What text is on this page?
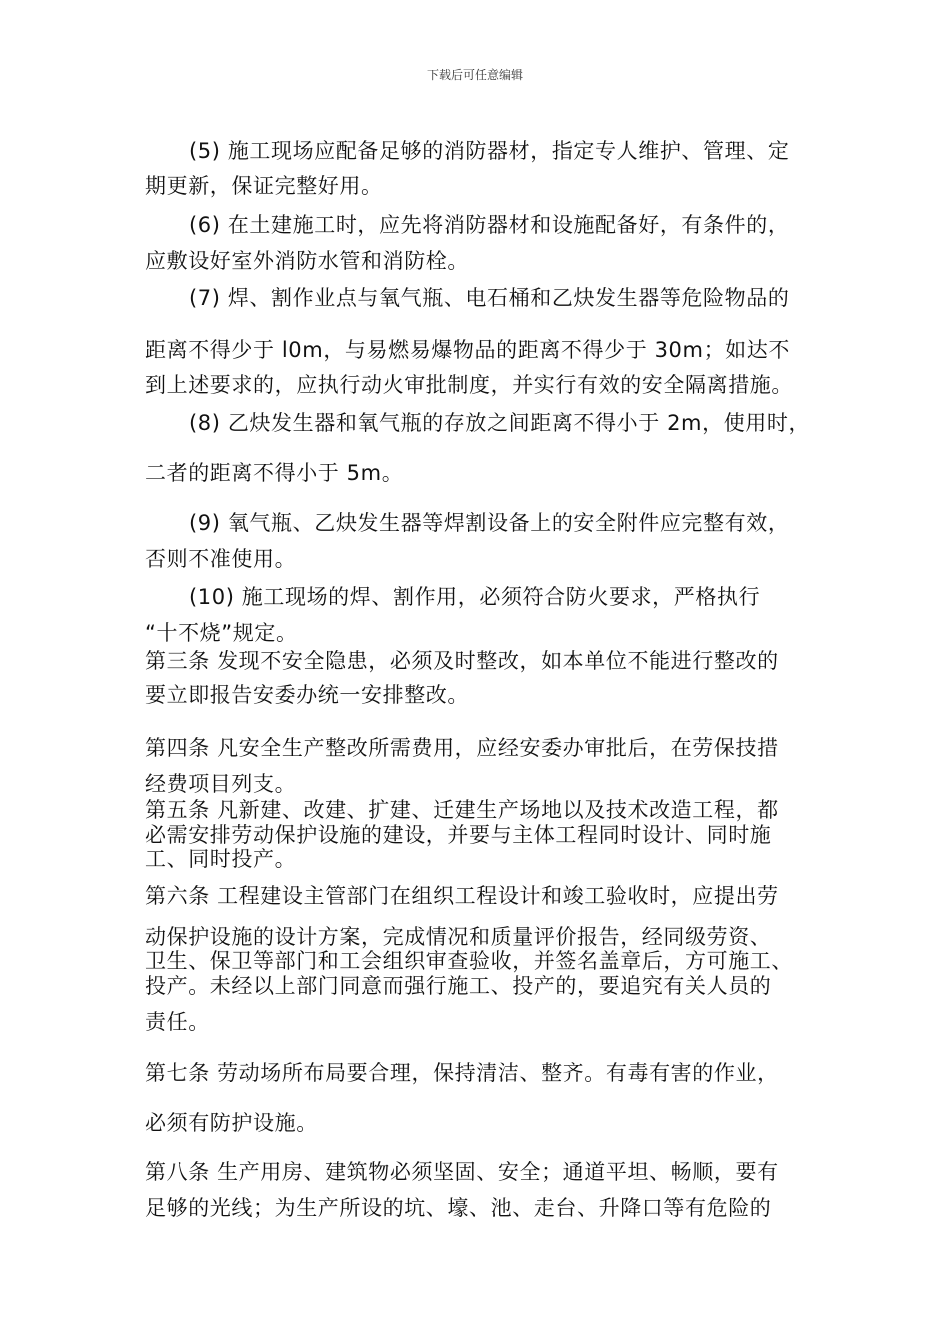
下载后可任意编辑
(5) 施工现场应配备足够的消防器材，指定专人维护、管理、定
期更新，保证完整好用。
(6) 在土建施工时，应先将消防器材和设施配备好，有条件的，
应敷设好室外消防水管和消防栓。
(7) 焊、割作业点与氧气瓶、电石桶和乙炔发生器等危险物品的
距离不得少于 l0m，与易燃易爆物品的距离不得少于 30m；如达不
到上述要求的，应执行动火审批制度，并实行有效的安全隔离措施。
(8) 乙炔发生器和氧气瓶的存放之间距离不得小于 2m，使用时，
二者的距离不得小于 5m。
(9) 氧气瓶、乙炔发生器等焊割设备上的安全附件应完整有效，
否则不准使用。
(10) 施工现场的焊、割作用，必须符合防火要求，严格执行
“十不烧”规定。
第三条 发现不安全隐患，必须及时整改，如本单位不能进行整改的
要立即报告安委办统一安排整改。
第四条 凡安全生产整改所需费用，应经安委办审批后，在劳保技措
经费项目列支。
第五条 凡新建、改建、扩建、迁建生产场地以及技术改造工程，都
必需安排劳动保护设施的建设，并要与主体工程同时设计、同时施
工、同时投产。
第六条 工程建设主管部门在组织工程设计和竣工验收时，应提出劳
动保护设施的设计方案，完成情况和质量评价报告，经同级劳资、
卫生、保卫等部门和工会组织审查验收，并签名盖章后，方可施工、
投产。未经以上部门同意而强行施工、投产的，要追究有关人员的
责任。
第七条 劳动场所布局要合理，保持清洁、整齐。有毒有害的作业，
必须有防护设施。
第八条 生产用房、建筑物必须坚固、安全；通道平坦、畅顺，要有
足够的光线；为生产所设的坑、壕、池、走台、升降口等有危险的
